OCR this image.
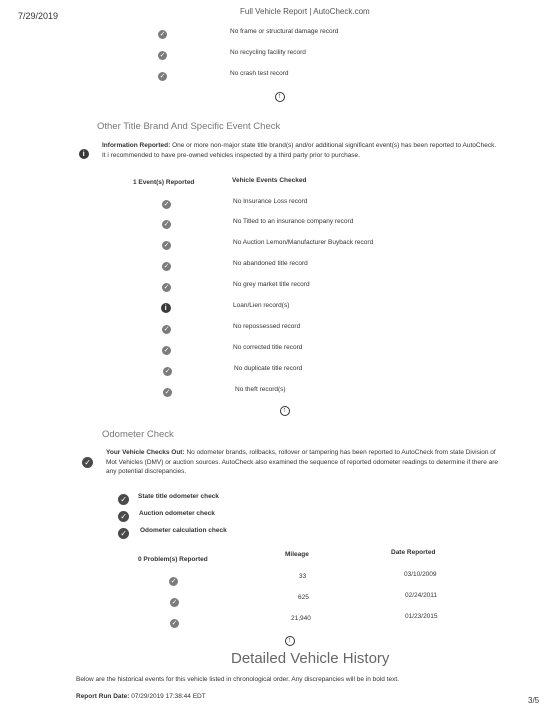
7/29/2019	Full Vehicle Report | AutoCheck.com
✓
No frame or structural damage record
✓
No recycling facility record
✓
No crash test record
↑
Other Title Brand And Specific Event Check
i
Information Reported: One or more non-major state title brand(s) and/or additional significant event(s) has been reported to AutoCheck. It i recommended to have pre-owned vehicles inspected by a third party prior to purchase.
1 Event(s) Reported	Vehicle Events Checked
✓
No Insurance Loss record
✓
No Titled to an insurance company record
✓
No Auction Lemon/Manufacturer Buyback record
✓
No abandoned title record
✓
No grey market title record
i
Loan/Lien record(s)
✓
No repossessed record
✓
No corrected title record
✓
No duplicate title record
✓
No theft record(s)
↑
Odometer Check
✓
Your Vehicle Checks Out: No odometer brands, rollbacks, rollover or tampering has been reported to AutoCheck from state Division of Mot Vehicles (DMV) or auction sources. AutoCheck also examined the sequence of reported odometer readings to determine if there are any potential discrepancies.
✓
State title odometer check
✓
Auction odometer check
✓
Odometer calculation check
0 Problem(s) Reported
Mileage	Date Reported
✓
33	03/10/2009
✓
625	02/24/2011
✓
21,940	01/23/2015
↑
Detailed Vehicle History
Below are the historical events for this vehicle listed in chronological order. Any discrepancies will be in bold text.
Report Run Date: 07/29/2019 17:38:44 EDT	3/5
